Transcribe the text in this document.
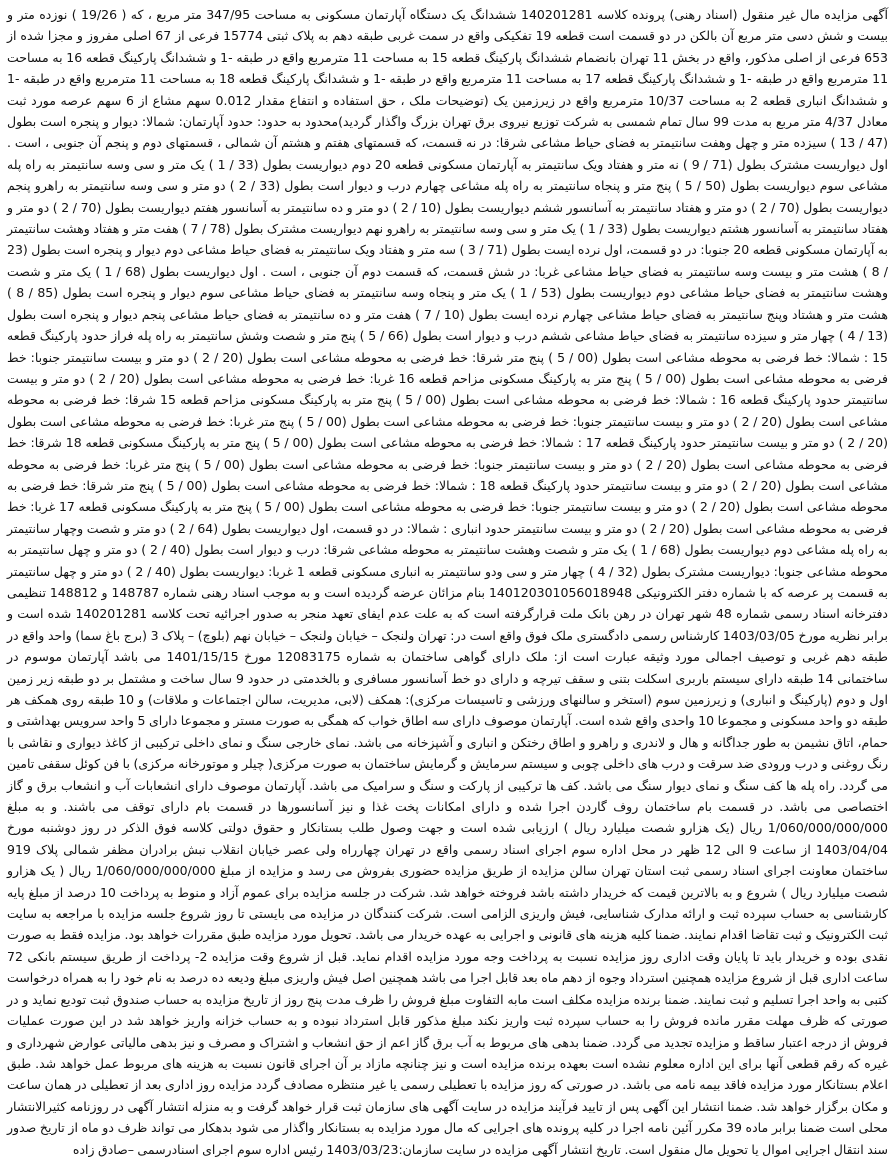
آگهی مزایده مال غیر منقول (اسناد رهنی) پرونده کلاسه 140201281 ششدانگ یک دستگاه آپارتمان مسکونی به مساحت 347/95 متر مربع ، که ( 19/26 ) نوزده متر و بیست و شش دسی متر مربع آن بالکن در دو قسمت است قطعه 19 تفکیکی واقع در سمت غربی طبقه دهم به پلاک ثبتی 15774 فرعی از 67 اصلی مفروز و مجزا شده از 653 فرعی از اصلی مذکور، واقع در بخش 11 تهران بانضمام ششدانگ پارکینگ قطعه 15 به مساحت 11 مترمربع واقع در طبقه -1 و ششدانگ پارکینگ قطعه 16 به مساحت 11 مترمربع واقع در طبقه -1 و ششدانگ پارکینگ قطعه 17 به مساحت 11 مترمربع واقع در طبقه -1 و ششدانگ پارکینگ قطعه 18 به مساحت 11 مترمربع واقع در طبقه -1 و ششدانگ انباری قطعه 2 به مساحت 10/37 مترمربع واقع در زیرزمین یک (توضیحات ملک ، حق استفاده و انتفاع مقدار 0.012 سهم مشاع از 6 سهم عرصه مورد ثبت معادل 4/37 متر مربع به مدت 99 سال تمام شمسی به شرکت توزیع نیروی برق تهران بزرگ واگذار گردید)محدود به حدود: حدود آپارتمان: شمالا: دیوار و پنجره است بطول (47 / 13 ) سیزده متر و چهل وهفت سانتیمتر به فضای حیاط مشاعی شرقا: در نه قسمت، که قسمتهای هفتم و هشتم آن شمالی ، قسمتهای دوم و پنجم آن جنوبی ، است . اول دیواریست مشترک بطول (71 / 9 ) نه متر و هفتاد ویک سانتیمتر به آپارتمان مسکونی قطعه 20 دوم دیواریست بطول (33 / 1 ) یک متر و سی وسه سانتیمتر به راه پله مشاعی سوم دیواریست بطول (50 / 5 ) پنج متر و پنجاه سانتیمتر به راه پله مشاعی چهارم درب و دیوار است بطول (33 / 2 ) دو متر و سی وسه سانتیمتر به راهرو پنجم دیواریست بطول (70 / 2 ) دو متر و هفتاد سانتیمتر به آسانسور ششم دیواریست بطول (10 / 2 ) دو متر و ده سانتیمتر به آسانسور هفتم دیواریست بطول (70 / 2 ) دو متر و هفتاد سانتیمتر به آسانسور هشتم دیواریست بطول (33 / 1 ) یک متر و سی وسه سانتیمتر به راهرو نهم دیواریست مشترک بطول (78 / 7 ) هفت متر و هفتاد وهشت سانتیمتر به آپارتمان مسکونی قطعه 20 جنوبا: در دو قسمت، اول نرده ایست بطول (71 / 3 ) سه متر و هفتاد ویک سانتیمتر به فضای حیاط مشاعی دوم دیوار و پنجره است بطول (23 / 8 ) هشت متر و بیست وسه سانتیمتر به فضای حیاط مشاعی غربا: در شش قسمت، که قسمت دوم آن جنوبی ، است . اول دیواریست بطول (68 / 1 ) یک متر و شصت وهشت سانتیمتر به فضای حیاط مشاعی دوم دیواریست بطول (53 / 1 ) یک متر و پنجاه وسه سانتیمتر به فضای حیاط مشاعی سوم دیوار و پنجره است بطول (85 / 8 ) هشت متر و هشتاد وپنج سانتیمتر به فضای حیاط مشاعی چهارم نرده ایست بطول (10 / 7 ) هفت متر و ده سانتیمتر به فضای حیاط مشاعی پنجم دیوار و پنجره است بطول (13 / 4 ) چهار متر و سیزده سانتیمتر به فضای حیاط مشاعی ششم درب و دیوار است بطول (66 / 5 ) پنج متر و شصت وشش سانتیمتر به راه پله فراز حدود پارکینگ قطعه 15 : شمالا: خط فرضی به محوطه مشاعی است بطول (00 / 5 ) پنج متر شرقا: خط فرضی به محوطه مشاعی است بطول (20 / 2 ) دو متر و بیست سانتیمتر جنوبا: خط فرضی به محوطه مشاعی است بطول (00 / 5 ) پنج متر به پارکینگ مسکونی مزاحم قطعه 16 غربا: خط فرضی به محوطه مشاعی است بطول (20 / 2 ) دو متر و بیست سانتیمتر حدود پارکینگ قطعه 16 : شمالا: خط فرضی به محوطه مشاعی است بطول (00 / 5 ) پنج متر به پارکینگ مسکونی مزاحم قطعه 15 شرقا: خط فرضی به محوطه مشاعی است بطول (20 / 2 ) دو متر و بیست سانتیمتر جنوبا: خط فرضی به محوطه مشاعی است بطول (00 / 5 ) پنج متر غربا: خط فرضی به محوطه مشاعی است بطول (20 / 2 ) دو متر و بیست سانتیمتر حدود پارکینگ قطعه 17 : شمالا: خط فرضی به محوطه مشاعی است بطول (00 / 5 ) پنج متر به پارکینگ مسکونی قطعه 18 شرقا: خط فرضی به محوطه مشاعی است بطول (20 / 2 ) دو متر و بیست سانتیمتر جنوبا: خط فرضی به محوطه مشاعی است بطول (00 / 5 ) پنج متر غربا: خط فرضی به محوطه مشاعی است بطول (20 / 2 ) دو متر و بیست سانتیمتر حدود پارکینگ قطعه 18 : شمالا: خط فرضی به محوطه مشاعی است بطول (00 / 5 ) پنج متر شرقا: خط فرضی به محوطه مشاعی است بطول (20 / 2 ) دو متر و بیست سانتیمتر جنوبا: خط فرضی به محوطه مشاعی است بطول (00 / 5 ) پنج متر به پارکینگ مسکونی قطعه 17 غربا: خط فرضی به محوطه مشاعی است بطول (20 / 2 ) دو متر و بیست سانتیمتر حدود انباری : شمالا: در دو قسمت، اول دیواریست بطول (64 / 2 ) دو متر و شصت وچهار سانتیمتر به راه پله مشاعی دوم دیواریست بطول (68 / 1 ) یک متر و شصت وهشت سانتیمتر به محوطه مشاعی شرقا: درب و دیوار است بطول (40 / 2 ) دو متر و چهل سانتیمتر به محوطه مشاعی جنوبا: دیواریست مشترک بطول (32 / 4 ) چهار متر و سی ودو سانتیمتر به انباری مسکونی قطعه 1 غربا: دیواریست بطول (40 / 2 ) دو متر و چهل سانتیمتر به قسمت پر عرصه که با شماره دفتر الکترونیکی 140120301056018948 بنام مزائان عرضه گردیده است و به موجب اسناد رهنی شماره 148787 و 148812 تنظیمی دفترخانه اسناد رسمی شماره 48 شهر تهران در رهن بانک ملت قرارگرفته است که به علت عدم ایفای تعهد منجر به صدور اجرائیه تحت کلاسه 140201281 شده است و برابر نظریه مورخ 1403/03/05 کارشناس رسمی دادگستری ملک فوق واقع است در: تهران ولنجک – خیابان ولنجک – خیابان نهم (بلوچ) – پلاک 3 (برج باغ سما) واحد واقع در طبقه دهم غربی و توصیف اجمالی مورد وثیقه عبارت است از: ملک دارای گواهی ساختمان به شماره 12083175 مورخ 1401/15/15 می باشد آپارتمان موسوم در ساختمانی 14 طبقه دارای سیستم باربری اسکلت بتنی و سقف تیرچه و دارای دو خط آسانسور مسافری و بالخدمتی در حدود 9 سال ساخت و مشتمل بر دو طبقه زیر زمین اول و دوم (پارکینگ و انباری) و زیرزمین سوم (استخر و سالنهای ورزشی و تاسیسات مرکزی): همکف (لابی، مدیریت، سالن اجتماعات و ملاقات) و 10 طبقه روی همکف هر طبقه دو واحد مسکونی و مجموعا 10 واحدی واقع شده است. آپارتمان موصوف دارای سه اطاق خواب که همگی به صورت مستر و مجموعا دارای 5 واحد سرویس بهداشتی و حمام، اتاق نشیمن به طور جداگانه و هال و لاندری و راهرو و اطاق رختکن و انباری و آشپزخانه می باشد. نمای خارجی سنگ و نمای داخلی ترکیبی از کاغذ دیواری و نقاشی با رنگ روغنی و درب ورودی ضد سرقت و درب های داخلی چوبی و سیستم سرمایش و گرمایش ساختمان به صورت مرکزی( چیلر و موتورخانه مرکزی) با فن کوئل سقفی تامین می گردد. راه پله ها کف سنگ و نمای دیوار سنگ می باشد. کف ها ترکیبی از پارکت و سنگ و سرامیک می باشد. آپارتمان موصوف دارای انشعابات آب و انشعاب برق و گاز اختصاصی می باشد. در قسمت بام ساختمان روف گاردن اجرا شده و دارای امکانات پخت غذا و نیز آسانسورها در قسمت بام دارای توقف می باشند. و به مبلغ 1/060/000/000/000 ریال (یک هزارو شصت میلیارد ریال ) ارزیابی شده است و جهت وصول طلب بستانکار و حقوق دولتی کلاسه فوق الذکر در روز دوشنبه مورخ 1403/04/04 از ساعت 9 الی 12 ظهر در محل اداره سوم اجرای اسناد رسمی واقع در تهران چهارراه ولی عصر خیابان انقلاب نبش برادران مظفر شمالی پلاک 919 ساختمان معاونت اجرای اسناد رسمی ثبت استان تهران سالن مزایده از طریق مزایده حضوری بفروش می رسد و مزایده از مبلغ 1/060/000/000/000 ریال ( یک هزارو شصت میلیارد ریال ) شروع و به بالاترین قیمت که خریدار داشته باشد فروخته خواهد شد. شرکت در جلسه مزایده برای عموم آزاد و منوط به پرداخت 10 درصد از مبلغ پایه کارشناسی به حساب سپرده ثبت و ارائه مدارک شناسایی، فیش واریزی الزامی است. شرکت کنندگان در مزایده می بایستی تا روز شروع جلسه مزایده با مراجعه به سایت ثبت الکترونیک و ثبت تقاضا اقدام نمایند. ضمنا کلیه هزینه های قانونی و اجرایی به عهده خریدار می باشد. تحویل مورد مزایده طبق مقررات خواهد بود. مزایده فقط به صورت نقدی بوده و خریدار باید تا پایان وقت اداری روز مزایده نسبت به پرداخت وجه مورد مزایده اقدام نماید. قبل از شروع وقت مزایده 2- پرداخت از طریق سیستم بانکی 72 ساعت اداری قبل از شروع مزایده همچنین استرداد وجوه از دهم ماه بعد قابل اجرا می باشد همچنین اصل فیش واریزی مبلغ ودیعه ده درصد به نام خود را به همراه درخواست کتبی به واحد اجرا تسلیم و ثبت نمایند. ضمنا برنده مزایده مکلف است مابه التفاوت مبلغ فروش را ظرف مدت پنج روز از تاریخ مزایده به حساب صندوق ثبت تودیع نماید و در صورتی که ظرف مهلت مقرر مانده فروش را به حساب سپرده ثبت واریز نکند مبلغ مذکور قابل استرداد نبوده و به حساب خزانه واریز خواهد شد در این صورت عملیات فروش از درجه اعتبار ساقط و مزایده تجدید می گردد. ضمنا بدهی های مربوط به آب برق گاز اعم از حق انشعاب و اشتراک و مصرف و نیز بدهی مالیاتی عوارض شهرداری و غیره که رقم قطعی آنها برای این اداره معلوم نشده است بعهده برنده مزایده است و نیز چنانچه مازاد بر آن اجرای قانون نسبت به هزینه های مربوط عمل خواهد شد. طبق اعلام بستانکار مورد مزایده فاقد بیمه نامه می باشد. در صورتی که روز مزایده با تعطیلی رسمی یا غیر منتظره مصادف گردد مزایده روز اداری بعد از تعطیلی در همان ساعت و مکان برگزار خواهد شد. ضمنا انتشار این آگهی پس از تایید فرآیند مزایده در سایت آگهی های سازمان ثبت قرار خواهد گرفت و به منزله انتشار آگهی در روزنامه کثیرالانتشار محلی است ضمنا برابر ماده 39 مکرر آئین نامه اجرا در کلیه پرونده های اجرایی که مال مورد مزایده به بستانکار واگذار می شود بدهکار می تواند ظرف دو ماه از تاریخ صدور سند انتقال اجرایی اموال یا تحویل مال منقول است. تاریخ انتشار آگهی مزایده در سایت سازمان:1403/03/23 رئیس اداره سوم اجرای اسنادرسمی –صادق زاده
